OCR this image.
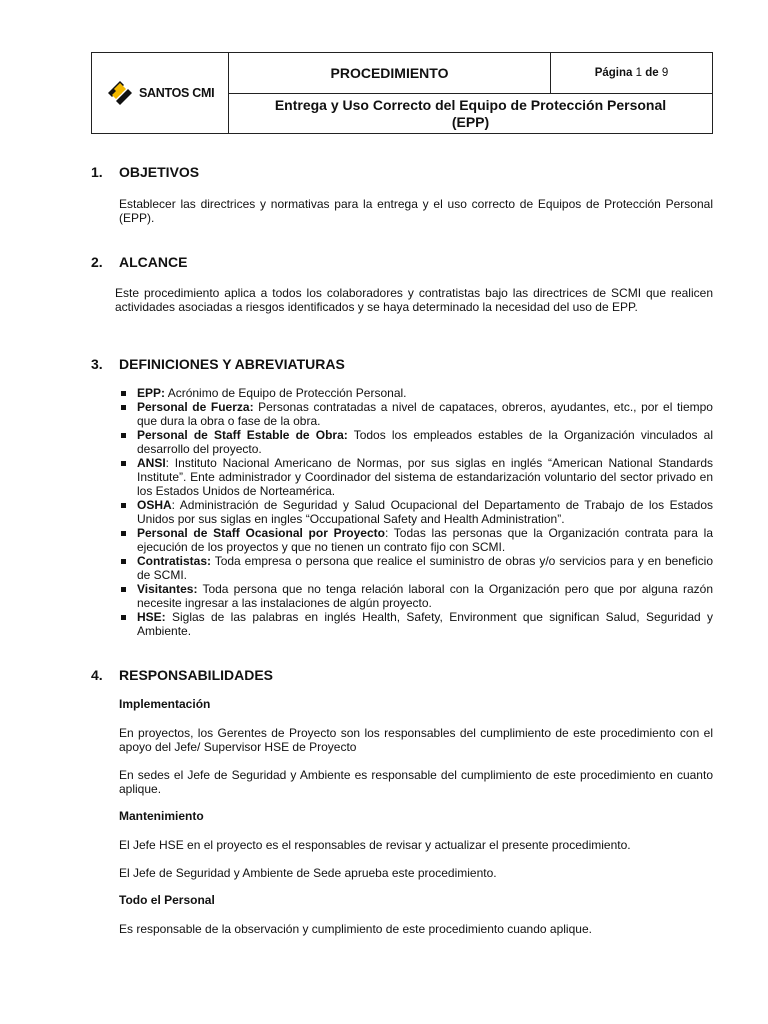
SANTOS CMI
PROCEDIMIENTO	Página 1 de 9
Entrega y Uso Correcto del Equipo de Protección Personal
(EPP)
1. OBJETIVOS

Establecer las directrices y normativas para la entrega y el uso correcto de Equipos de Protección Personal (EPP).

2. ALCANCE

Este procedimiento aplica a todos los colaboradores y contratistas bajo las directrices de SCMI que realicen actividades asociadas a riesgos identificados y se haya determinado la necesidad del uso de EPP.

3. DEFINICIONES Y ABREVIATURAS
EPP: Acrónimo de Equipo de Protección Personal.
Personal de Fuerza: Personas contratadas a nivel de capataces, obreros, ayudantes, etc., por el tiempo que dura la obra o fase de la obra.
Personal de Staff Estable de Obra: Todos los empleados estables de la Organización vinculados al desarrollo del proyecto.
ANSI: Instituto Nacional Americano de Normas, por sus siglas en inglés “American National Standards Institute”. Ente administrador y Coordinador del sistema de estandarización voluntario del sector privado en los Estados Unidos de Norteamérica.
OSHA: Administración de Seguridad y Salud Ocupacional del Departamento de Trabajo de los Estados Unidos por sus siglas en ingles “Occupational Safety and Health Administration”.
Personal de Staff Ocasional por Proyecto: Todas las personas que la Organización contrata para la ejecución de los proyectos y que no tienen un contrato fijo con SCMI.
Contratistas: Toda empresa o persona que realice el suministro de obras y/o servicios para y en beneficio de SCMI.
Visitantes: Toda persona que no tenga relación laboral con la Organización pero que por alguna razón necesite ingresar a las instalaciones de algún proyecto.
HSE: Siglas de las palabras en inglés Health, Safety, Environment que significan Salud, Seguridad y Ambiente.
4. RESPONSABILIDADES
Implementación

En proyectos, los Gerentes de Proyecto son los responsables del cumplimiento de este procedimiento con el apoyo del Jefe/ Supervisor HSE de Proyecto

En sedes el Jefe de Seguridad y Ambiente es responsable del cumplimiento de este procedimiento en cuanto aplique.

Mantenimiento

El Jefe HSE en el proyecto es el responsables de revisar y actualizar el presente procedimiento.

El Jefe de Seguridad y Ambiente de Sede aprueba este procedimiento.

Todo el Personal

Es responsable de la observación y cumplimiento de este procedimiento cuando aplique.
